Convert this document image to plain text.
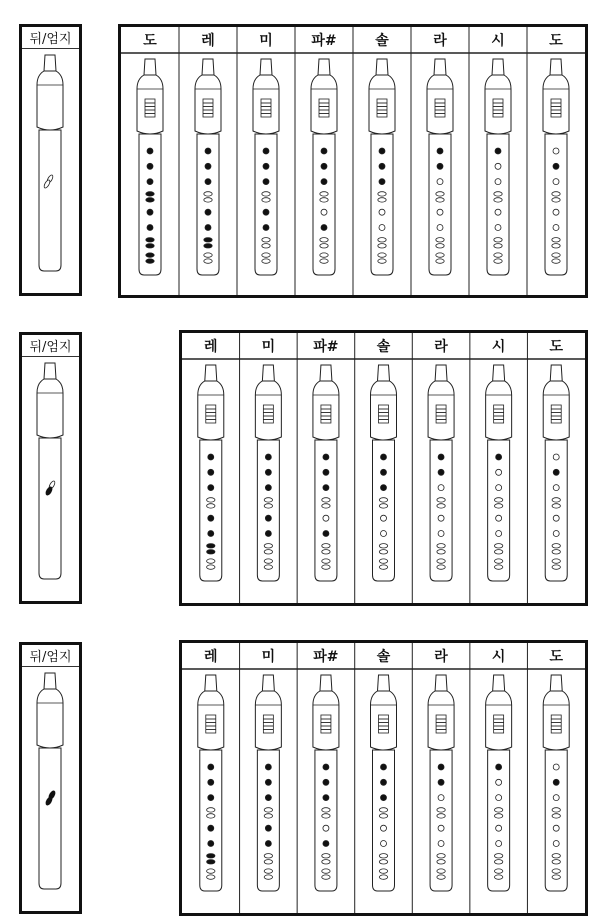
뒤/엄지	도	레	미	파#	솔	라	시	도
뒤/엄지	레	미	파#	솔	라	시	도
뒤/엄지	레	미	파#	솔	라	시	도
